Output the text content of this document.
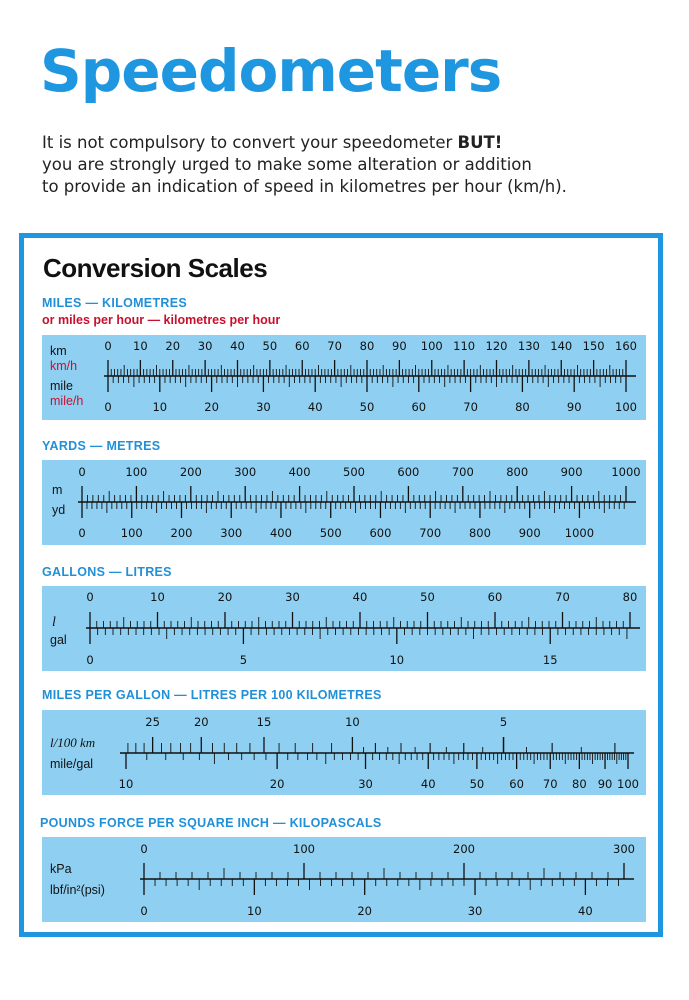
Speedometers
It is not compulsory to convert your speedometer BUT!
you are strongly urged to make some alteration or addition
to provide an indication of speed in kilometres per hour (km/h).
Conversion Scales
MILES — KILOMETRES
or miles per hour — kilometres per hour
km
km/h
mile
mile/h
0 10 20 30 40 50 60 70 80 90 100 110 120 130 140 150 160
0	10	20	30	40	50	60	70	80	90	100
YARDS — METRES
m
yd
0	100	200	300	400	500	600	700	800	900	1000
0	100 200 300 400 500 600 700 800 900 1000
GALLONS — LITRES
l
gal
0	10	20	30	40	50	60	70	80
0	5	10	15
MILES PER GALLON — LITRES PER 100 KILOMETRES
l/100 km
mile/gal
25	20	15	10	5
10	20	30	40	50 60 70 80 90 100
POUNDS FORCE PER SQUARE INCH — KILOPASCALS
kPa
lbf/in²(psi)
0	100	200	300
0	10	20	30	40
